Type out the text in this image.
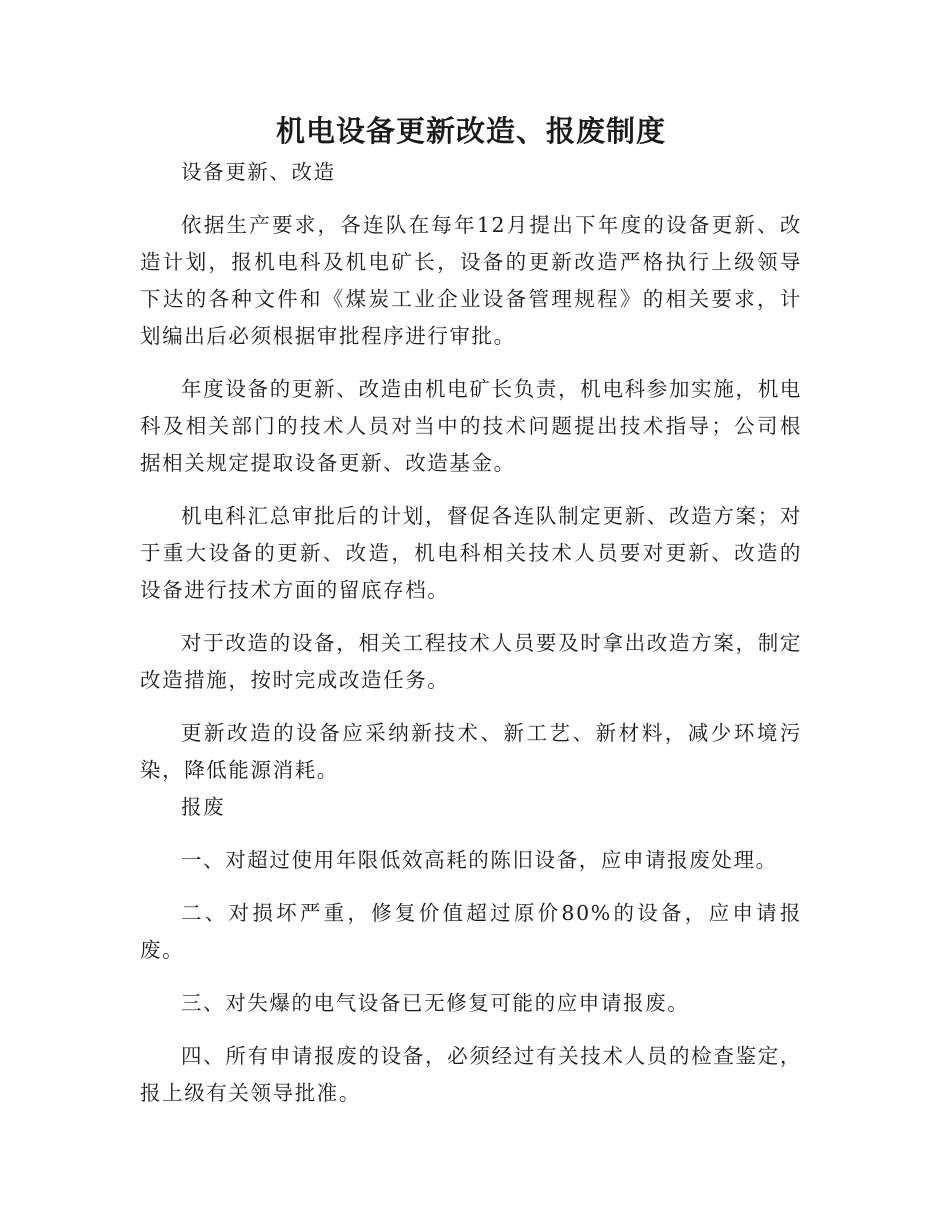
机电设备更新改造、报废制度

设备更新、改造

依据生产要求，各连队在每年12月提出下年度的设备更新、改造计划，报机电科及机电矿长，设备的更新改造严格执行上级领导下达的各种文件和《煤炭工业企业设备管理规程》的相关要求，计划编出后必须根据审批程序进行审批。

年度设备的更新、改造由机电矿长负责，机电科参加实施，机电科及相关部门的技术人员对当中的技术问题提出技术指导；公司根据相关规定提取设备更新、改造基金。

机电科汇总审批后的计划，督促各连队制定更新、改造方案；对于重大设备的更新、改造，机电科相关技术人员要对更新、改造的设备进行技术方面的留底存档。

对于改造的设备，相关工程技术人员要及时拿出改造方案，制定改造措施，按时完成改造任务。

更新改造的设备应采纳新技术、新工艺、新材料，减少环境污染，降低能源消耗。

报废

一、对超过使用年限低效高耗的陈旧设备，应申请报废处理。

二、对损坏严重，修复价值超过原价80%的设备，应申请报废。

三、对失爆的电气设备已无修复可能的应申请报废。

四、所有申请报废的设备，必须经过有关技术人员的检查鉴定，报上级有关领导批准。
